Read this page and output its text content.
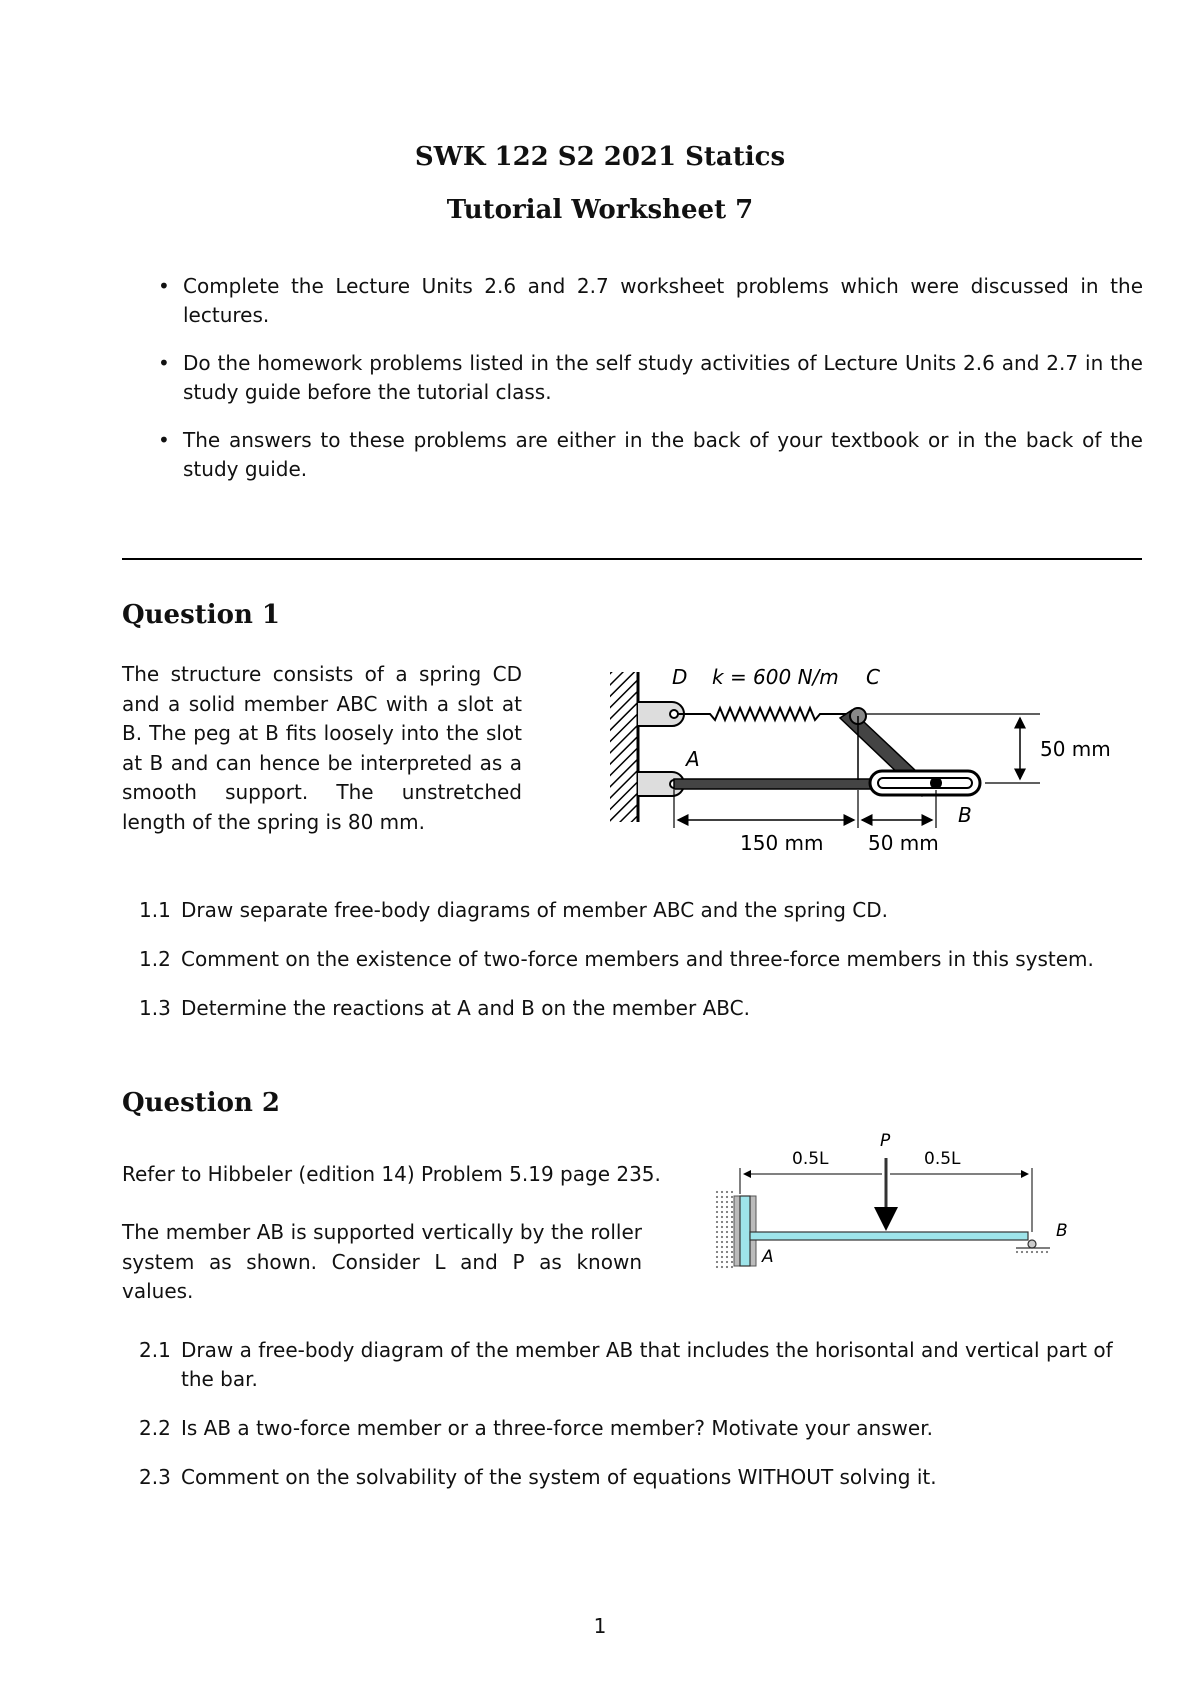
SWK 122 S2 2021 Statics
Tutorial Worksheet 7
• Complete the Lecture Units 2.6 and 2.7 worksheet problems which were discussed in the lectures.
• Do the homework problems listed in the self study activities of Lecture Units 2.6 and 2.7 in the study guide before the tutorial class.
• The answers to these problems are either in the back of your textbook or in the back of the study guide.
Question 1
The structure consists of a spring CD and a solid member ABC with a slot at B. The peg at B fits loosely into the slot at B and can hence be interpreted as a smooth support. The unstretched length of the spring is 80 mm.
D k = 600 N/m C
A
B
150 mm 50 mm
50 mm
1.1 Draw separate free-body diagrams of member ABC and the spring CD.
1.2 Comment on the existence of two-force members and three-force members in this system.
1.3 Determine the reactions at A and B on the member ABC.
Question 2
Refer to Hibbeler (edition 14) Problem 5.19 page 235.
The member AB is supported vertically by the roller system as shown. Consider L and P as known values.
P
0.5L	0.5L
A
B
2.1 Draw a free-body diagram of the member AB that includes the horisontal and vertical part of the bar.
2.2 Is AB a two-force member or a three-force member? Motivate your answer.
2.3 Comment on the solvability of the system of equations WITHOUT solving it.
1
